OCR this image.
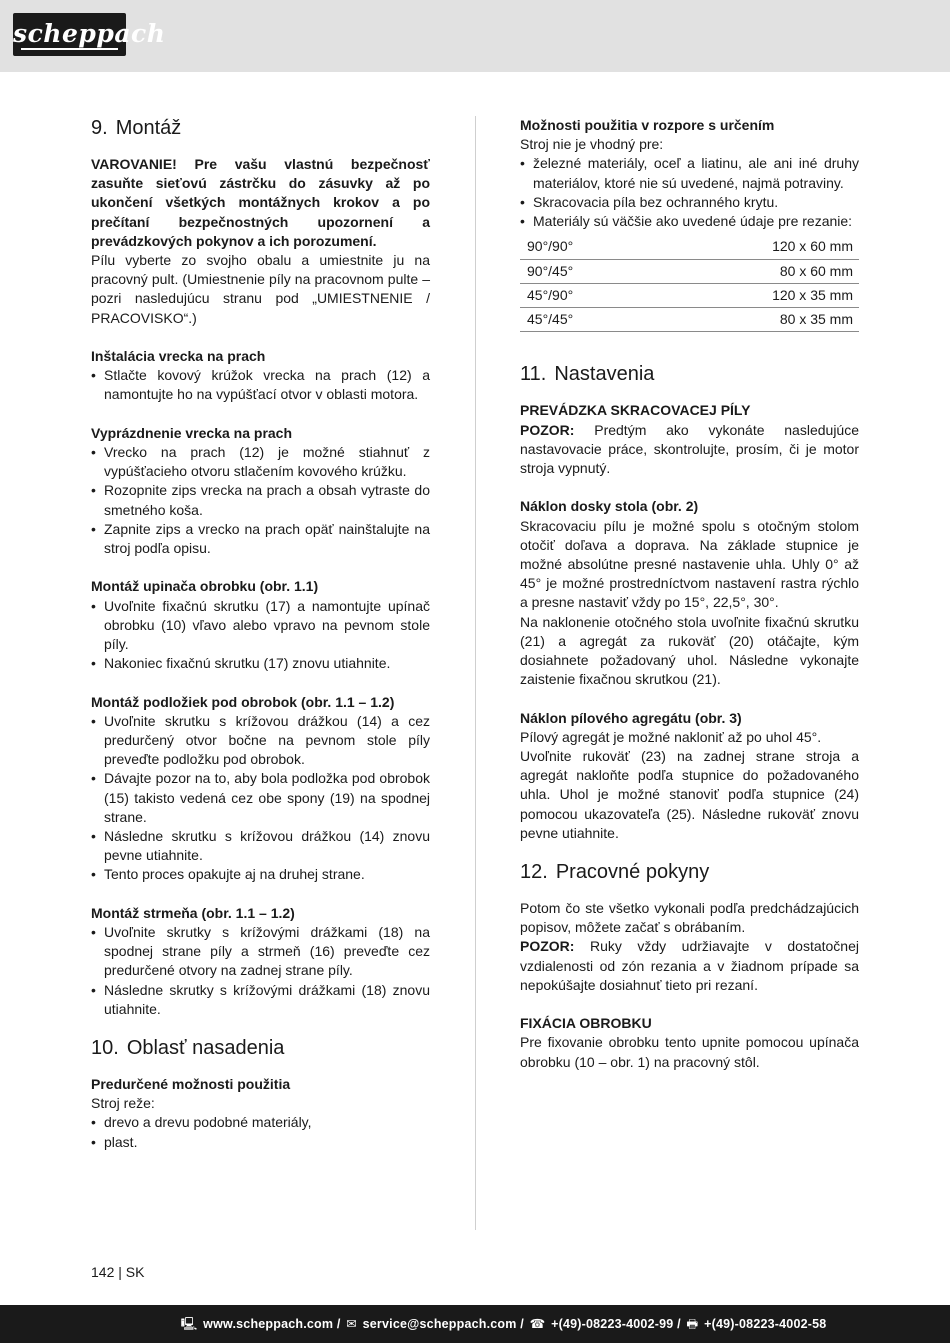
scheppach
9. Montáž

VAROVANIE! Pre vašu vlastnú bezpečnosť zasuňte sieťovú zástrčku do zásuvky až po ukončení všetkých montážnych krokov a po prečítaní bezpečnostných upozornení a prevádzkových pokynov a ich porozumení.

Pílu vyberte zo svojho obalu a umiestnite ju na pracovný pult. (Umiestnenie píly na pracovnom pulte – pozri nasledujúcu stranu pod „UMIESTNENIE / PRACOVISKO“.)

Inštalácia vrecka na prach

• Stlačte kovový krúžok vrecka na prach (12) a namontujte ho na vypúšťací otvor v oblasti motora.

Vyprázdnenie vrecka na prach

• Vrecko na prach (12) je možné stiahnuť z vypúšťacieho otvoru stlačením kovového krúžku.
• Rozopnite zips vrecka na prach a obsah vytraste do smetného koša.
• Zapnite zips a vrecko na prach opäť nainštalujte na stroj podľa opisu.

Montáž upinača obrobku (obr. 1.1)

• Uvoľnite fixačnú skrutku (17) a namontujte upínač obrobku (10) vľavo alebo vpravo na pevnom stole píly.
• Nakoniec fixačnú skrutku (17) znovu utiahnite.

Montáž podložiek pod obrobok (obr. 1.1 – 1.2)

• Uvoľnite skrutku s krížovou drážkou (14) a cez predurčený otvor bočne na pevnom stole píly preveďte podložku pod obrobok.
• Dávajte pozor na to, aby bola podložka pod obrobok (15) takisto vedená cez obe spony (19) na spodnej strane.
• Následne skrutku s krížovou drážkou (14) znovu pevne utiahnite.
• Tento proces opakujte aj na druhej strane.

Montáž strmeňa (obr. 1.1 – 1.2)

• Uvoľnite skrutky s krížovými drážkami (18) na spodnej strane píly a strmeň (16) preveďte cez predurčené otvory na zadnej strane píly.
• Následne skrutky s krížovými drážkami (18) znovu utiahnite.
10. Oblasť nasadenia

Predurčené možnosti použitia

Stroj reže:

• drevo a drevu podobné materiály,
• plast.

Možnosti použitia v rozpore s určením

Stroj nie je vhodný pre:

• železné materiály, oceľ a liatinu, ale ani iné druhy materiálov, ktoré nie sú uvedené, najmä potraviny.
• Skracovacia píla bez ochranného krytu.
• Materiály sú väčšie ako uvedené údaje pre rezanie:
90°/90°	120 x 60 mm
90°/45°	80 x 60 mm
45°/90°	120 x 35 mm
45°/45°	80 x 35 mm
11. Nastavenia

PREVÁDZKA SKRACOVACEJ PÍLY

POZOR: Predtým ako vykonáte nasledujúce nastavovacie práce, skontrolujte, prosím, či je motor stroja vypnutý.

Náklon dosky stola (obr. 2)

Skracovaciu pílu je možné spolu s otočným stolom otočiť doľava a doprava. Na základe stupnice je možné absolútne presné nastavenie uhla. Uhly 0° až 45° je možné prostredníctvom nastavení rastra rýchlo a presne nastaviť vždy po 15°, 22,5°, 30°.

Na naklonenie otočného stola uvoľnite fixačnú skrutku (21) a agregát za rukoväť (20) otáčajte, kým dosiahnete požadovaný uhol. Následne vykonajte zaistenie fixačnou skrutkou (21).

Náklon pílového agregátu (obr. 3)

Pílový agregát je možné nakloniť až po uhol 45°.

Uvoľnite rukoväť (23) na zadnej strane stroja a agregát nakloňte podľa stupnice do požadovaného uhla. Uhol je možné stanoviť podľa stupnice (24) pomocou ukazovateľa (25). Následne rukoväť znovu pevne utiahnite.

12. Pracovné pokyny

Potom čo ste všetko vykonali podľa predchádzajúcich popisov, môžete začať s obrábaním.

POZOR: Ruky vždy udržiavajte v dostatočnej vzdialenosti od zón rezania a v žiadnom prípade sa nepokúšajte dosiahnuť tieto pri rezaní.

FIXÁCIA OBROBKU

Pre fixovanie obrobku tento upnite pomocou upínača obrobku (10 – obr. 1) na pracovný stôl.

142 | SK
🖳 www.scheppach.com / ✉ service@scheppach.com / ☎ +(49)-08223-4002-99 / 🖶 +(49)-08223-4002-58
